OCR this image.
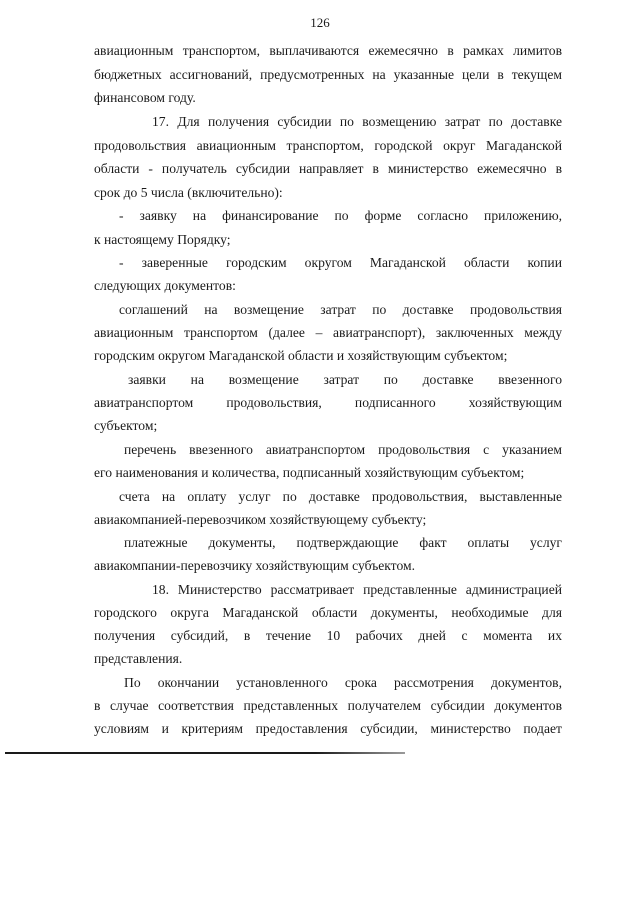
126
авиационным транспортом, выплачиваются ежемесячно в рамках лимитов
бюджетных ассигнований, предусмотренных на указанные цели в текущем
финансовом году.
17. Для получения субсидии по возмещению затрат по доставке
продовольствия авиационным транспортом, городской округ Магаданской
области - получатель субсидии направляет в министерство ежемесячно в
срок до 5 числа (включительно):
- заявку на финансирование по форме согласно приложению,
к настоящему Порядку;
- заверенные городским округом Магаданской области копии
следующих документов:
соглашений на возмещение затрат по доставке продовольствия
авиационным транспортом (далее – авиатранспорт), заключенных между
городским округом Магаданской области и хозяйствующим субъектом;
заявки на возмещение затрат по доставке ввезенного
авиатранспортом продовольствия, подписанного хозяйствующим
субъектом;
перечень ввезенного авиатранспортом продовольствия с указанием
его наименования и количества, подписанный хозяйствующим субъектом;
счета на оплату услуг по доставке продовольствия, выставленные
авиакомпанией-перевозчиком хозяйствующему субъекту;
платежные документы, подтверждающие факт оплаты услуг
авиакомпании-перевозчику хозяйствующим субъектом.
18. Министерство рассматривает представленные администрацией
городского округа Магаданской области документы, необходимые для
получения субсидий, в течение 10 рабочих дней с момента их
представления.
По окончании установленного срока рассмотрения документов,
в случае соответствия представленных получателем субсидии документов
условиям и критериям предоставления субсидии, министерство подает
